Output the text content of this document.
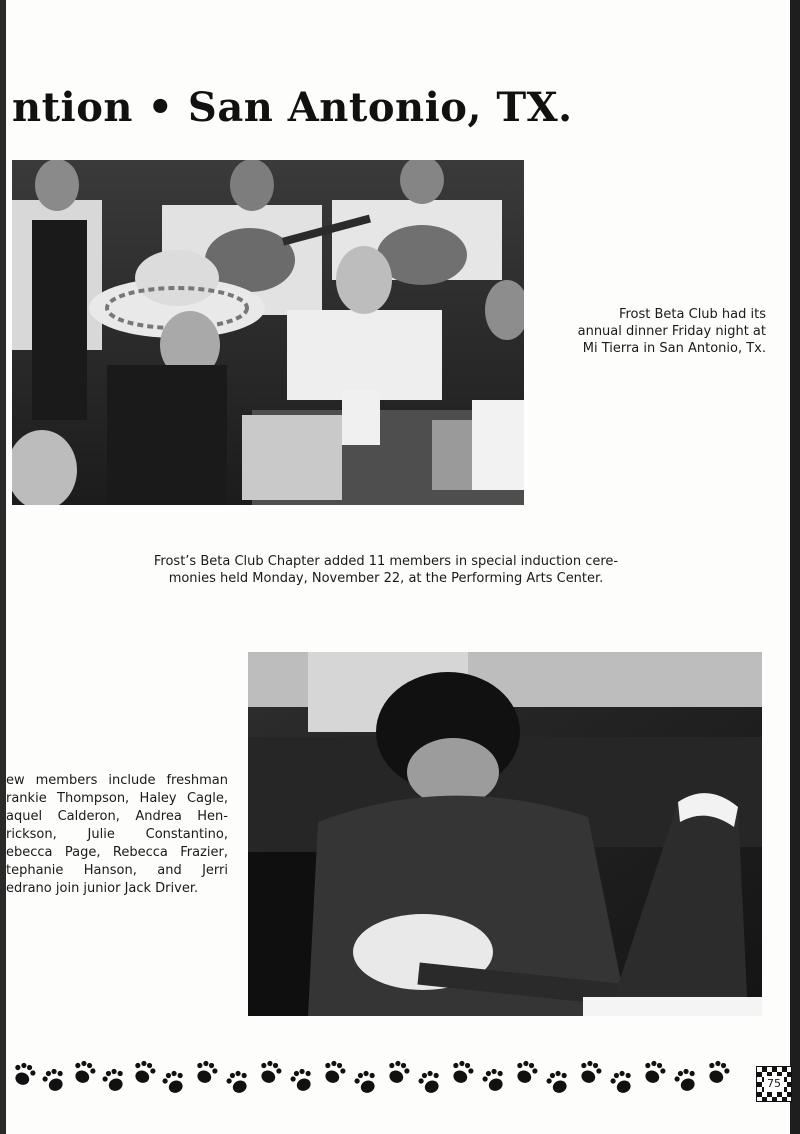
ntion • San Antonio, TX.
Frost Beta Club had its
annual dinner Friday night at
Mi Tierra in San Antonio, Tx.
Frost’s Beta Club Chapter added 11 members in special induction cere-
monies held Monday, November 22, at the Performing Arts Center.
ew members include freshman
rankie Thompson, Haley Cagle,
aquel Calderon, Andrea Hen-
rickson, Julie Constantino,
ebecca Page, Rebecca Frazier,
tephanie Hanson, and Jerri
edrano join junior Jack Driver.
75
